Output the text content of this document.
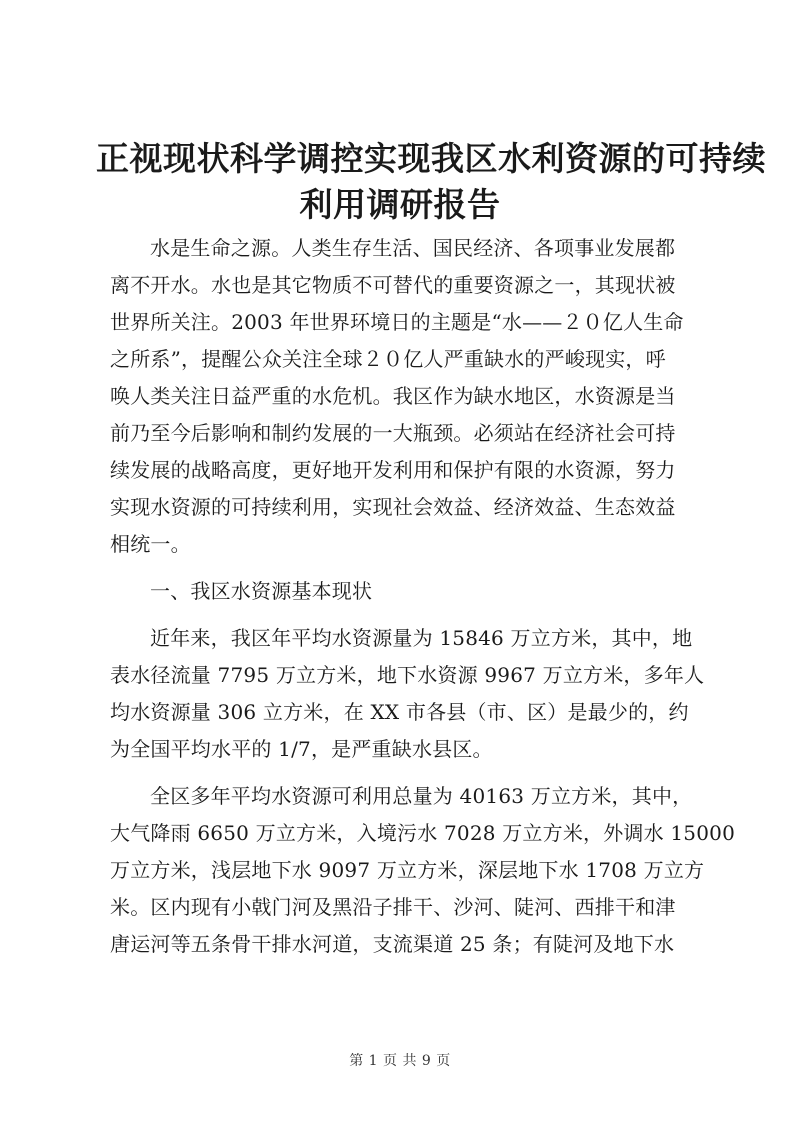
正视现状科学调控实现我区水利资源的可持续
利用调研报告
水是生命之源。人类生存生活、国民经济、各项事业发展都
离不开水。水也是其它物质不可替代的重要资源之一，其现状被
世界所关注。2003 年世界环境日的主题是“水——２０亿人生命
之所系”，提醒公众关注全球２０亿人严重缺水的严峻现实，呼
唤人类关注日益严重的水危机。我区作为缺水地区，水资源是当
前乃至今后影响和制约发展的一大瓶颈。必须站在经济社会可持
续发展的战略高度，更好地开发利用和保护有限的水资源，努力
实现水资源的可持续利用，实现社会效益、经济效益、生态效益
相统一。
一、我区水资源基本现状
近年来，我区年平均水资源量为 15846 万立方米，其中，地
表水径流量 7795 万立方米，地下水资源 9967 万立方米，多年人
均水资源量 306 立方米，在 XX 市各县（市、区）是最少的，约
为全国平均水平的 1/7，是严重缺水县区。
全区多年平均水资源可利用总量为 40163 万立方米，其中，
大气降雨 6650 万立方米，入境污水 7028 万立方米，外调水 15000
万立方米，浅层地下水 9097 万立方米，深层地下水 1708 万立方
米。区内现有小戟门河及黑沿子排干、沙河、陡河、西排干和津
唐运河等五条骨干排水河道，支流渠道 25 条；有陡河及地下水
第 1 页 共 9 页
